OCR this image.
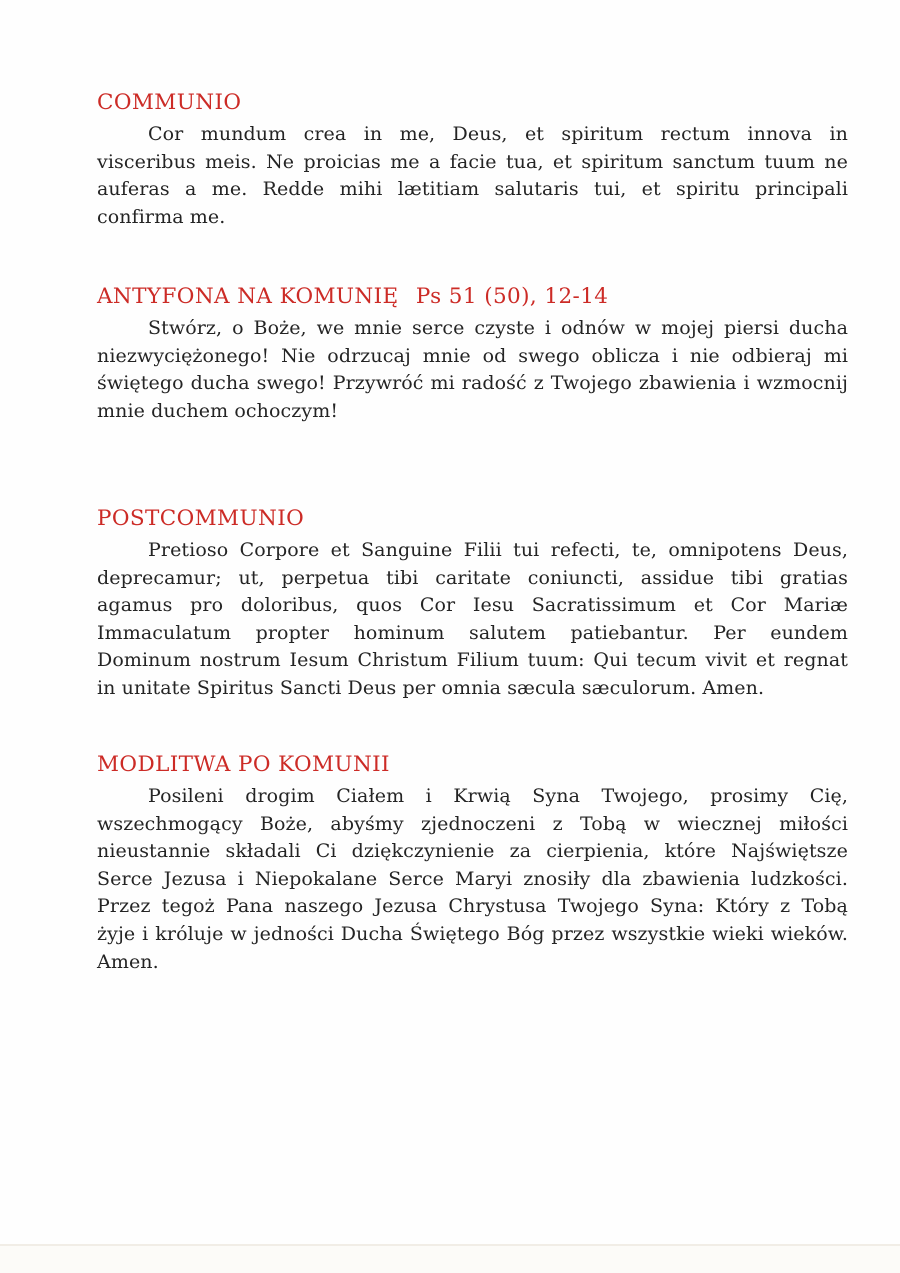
COMMUNIO
Cor mundum crea in me, Deus, et spiritum rectum innova in
visceribus meis. Ne proicias me a facie tua, et spiritum sanctum tuum ne
auferas a me. Redde mihi lætitiam salutaris tui, et spiritu principali
confirma me.
ANTYFONA NA KOMUNIĘ Ps 51 (50), 12-14
Stwórz, o Boże, we mnie serce czyste i odnów w mojej piersi ducha
niezwyciężonego! Nie odrzucaj mnie od swego oblicza i nie odbieraj mi
świętego ducha swego! Przywróć mi radość z Twojego zbawienia i wzmocnij
mnie duchem ochoczym!
POSTCOMMUNIO
Pretioso Corpore et Sanguine Filii tui refecti, te, omnipotens Deus,
deprecamur; ut, perpetua tibi caritate coniuncti, assidue tibi gratias
agamus pro doloribus, quos Cor Iesu Sacratissimum et Cor Mariæ
Immaculatum propter hominum salutem patiebantur. Per eundem
Dominum nostrum Iesum Christum Filium tuum: Qui tecum vivit et regnat
in unitate Spiritus Sancti Deus per omnia sæcula sæculorum. Amen.
MODLITWA PO KOMUNII
Posileni drogim Ciałem i Krwią Syna Twojego, prosimy Cię,
wszechmogący Boże, abyśmy zjednoczeni z Tobą w wiecznej miłości
nieustannie składali Ci dziękczynienie za cierpienia, które Najświętsze
Serce Jezusa i Niepokalane Serce Maryi znosiły dla zbawienia ludzkości.
Przez tegoż Pana naszego Jezusa Chrystusa Twojego Syna: Który z Tobą
żyje i króluje w jedności Ducha Świętego Bóg przez wszystkie wieki wieków.
Amen.
